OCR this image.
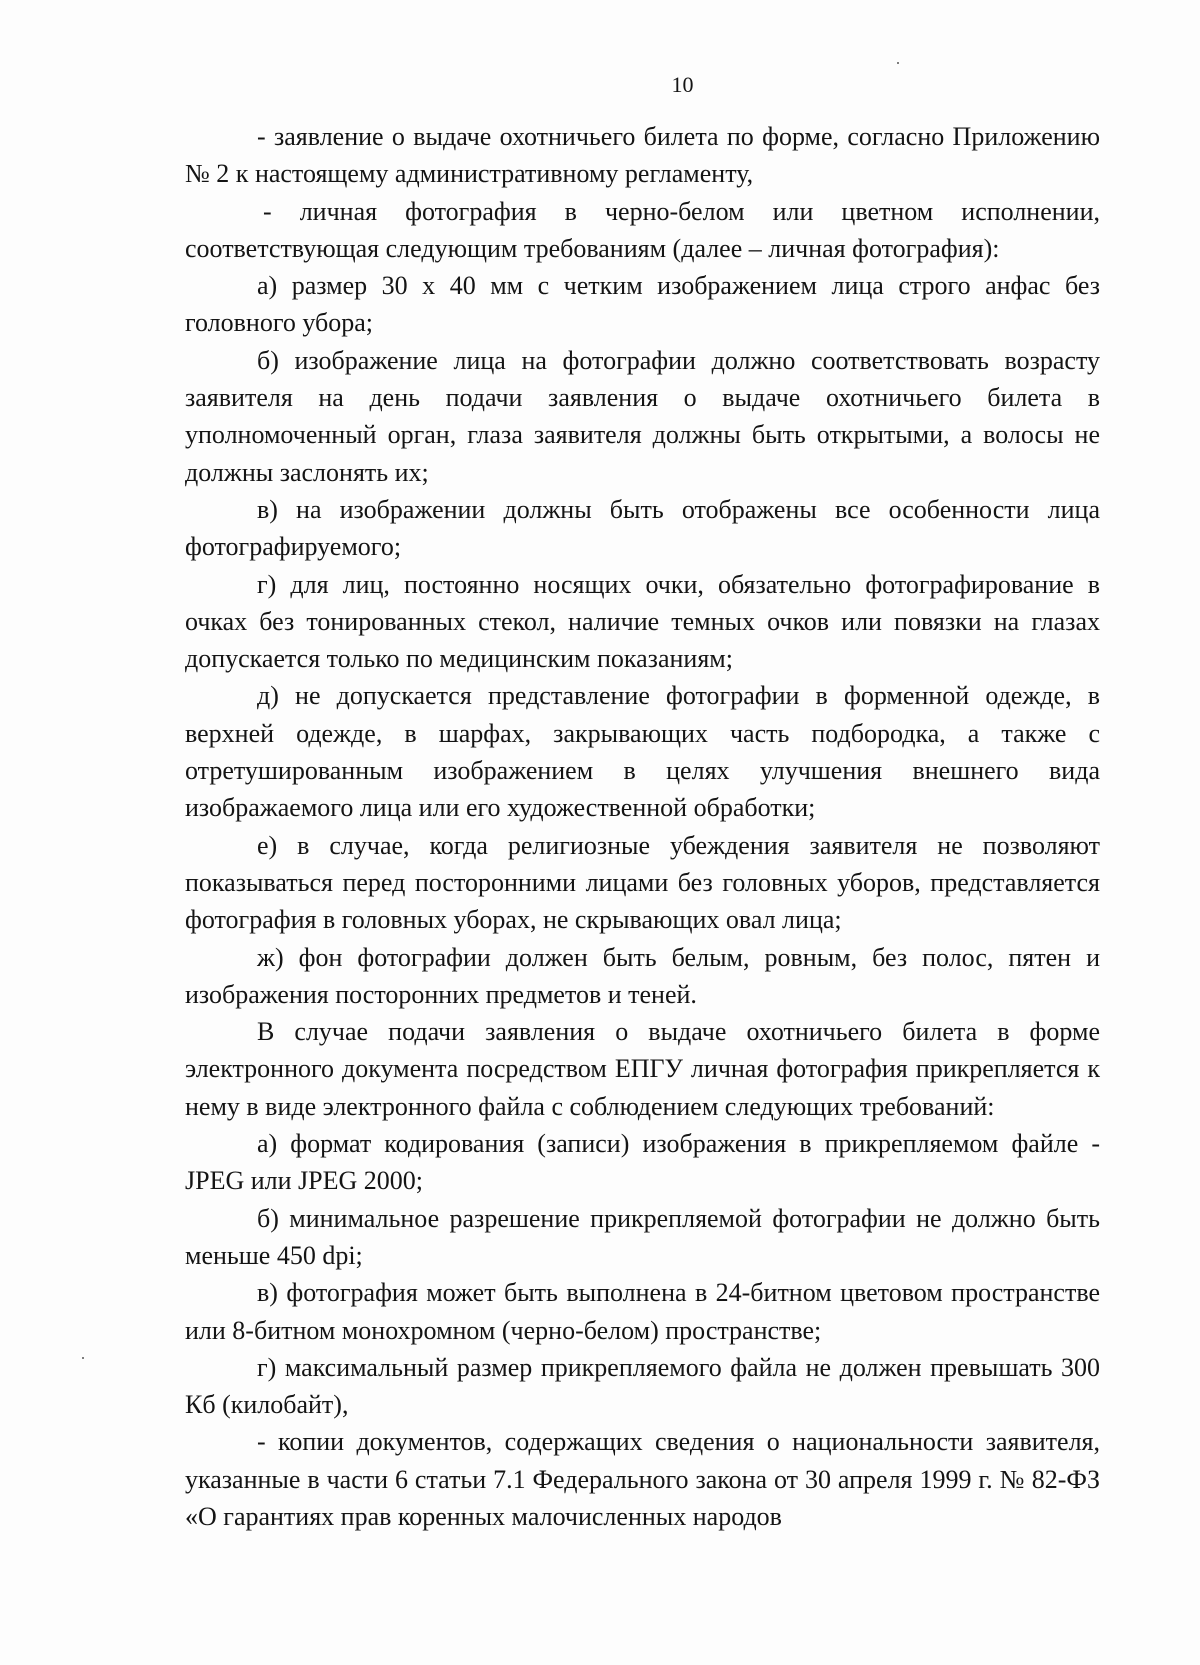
10

- заявление о выдаче охотничьего билета по форме, согласно Приложению № 2 к настоящему административному регламенту,

- личная фотография в черно-белом или цветном исполнении, соответствующая следующим требованиям (далее – личная фотография):

а) размер 30 х 40 мм с четким изображением лица строго анфас без головного убора;

б) изображение лица на фотографии должно соответствовать возрасту заявителя на день подачи заявления о выдаче охотничьего билета в уполномоченный орган, глаза заявителя должны быть открытыми, а волосы не должны заслонять их;

в) на изображении должны быть отображены все особенности лица фотографируемого;

г) для лиц, постоянно носящих очки, обязательно фотографирование в очках без тонированных стекол, наличие темных очков или повязки на глазах допускается только по медицинским показаниям;

д) не допускается представление фотографии в форменной одежде, в верхней одежде, в шарфах, закрывающих часть подбородка, а также с отретушированным изображением в целях улучшения внешнего вида изображаемого лица или его художественной обработки;

е) в случае, когда религиозные убеждения заявителя не позволяют показываться перед посторонними лицами без головных уборов, представляется фотография в головных уборах, не скрывающих овал лица;

ж) фон фотографии должен быть белым, ровным, без полос, пятен и изображения посторонних предметов и теней.

В случае подачи заявления о выдаче охотничьего билета в форме электронного документа посредством ЕПГУ личная фотография прикрепляется к нему в виде электронного файла с соблюдением следующих требований:

а) формат кодирования (записи) изображения в прикрепляемом файле - JPEG или JPEG 2000;

б) минимальное разрешение прикрепляемой фотографии не должно быть меньше 450 dpi;

в) фотография может быть выполнена в 24-битном цветовом пространстве или 8-битном монохромном (черно-белом) пространстве;

г) максимальный размер прикрепляемого файла не должен превышать 300 Кб (килобайт),

- копии документов, содержащих сведения о национальности заявителя, указанные в части 6 статьи 7.1 Федерального закона от 30 апреля 1999 г. № 82-ФЗ «О гарантиях прав коренных малочисленных народов
